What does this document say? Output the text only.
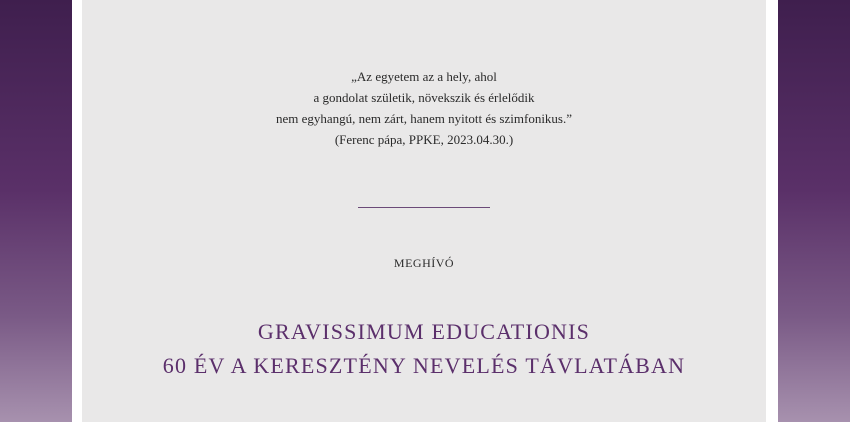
„Az egyetem az a hely, ahol
a gondolat születik, növekszik és érlelődik
nem egyhangú, nem zárt, hanem nyitott és szimfonikus.”
(Ferenc pápa, PPKE, 2023.04.30.)
MEGHÍVÓ
GRAVISSIMUM EDUCATIONIS
60 ÉV A KERESZTÉNY NEVELÉS TÁVLATÁBAN
